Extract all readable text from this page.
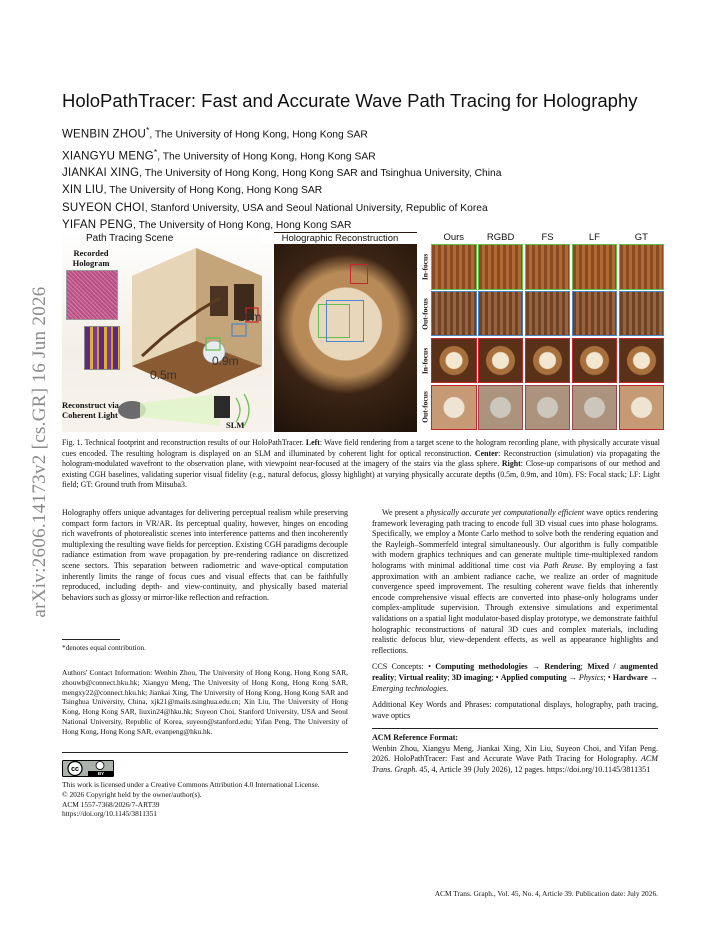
arXiv:2606.14173v2 [cs.GR] 16 Jun 2026
HoloPathTracer: Fast and Accurate Wave Path Tracing for Holography
WENBIN ZHOU*, The University of Hong Kong, Hong Kong SAR
XIANGYU MENG*, The University of Hong Kong, Hong Kong SAR
JIANKAI XING, The University of Hong Kong, Hong Kong SAR and Tsinghua University, China
XIN LIU, The University of Hong Kong, Hong Kong SAR
SUYEON CHOI, Stanford University, USA and Seoul National University, Republic of Korea
YIFAN PENG, The University of Hong Kong, Hong Kong SAR
Path Tracing Scene
Recorded Hologram
10m
0.9m
0.5m
Reconstruct via Coherent Light
SLM
Holographic Reconstruction	Ours	RGBD	FS	LF	GT
In-focus
Out-focus
In-focus
Out-focus
Fig. 1. Technical footprint and reconstruction results of our HoloPathTracer. Left: Wave field rendering from a target scene to the hologram recording plane, with physically accurate visual cues encoded. The resulting hologram is displayed on an SLM and illuminated by coherent light for optical reconstruction. Center: Reconstruction (simulation) via propagating the hologram-modulated wavefront to the observation plane, with viewpoint near-focused at the imagery of the stairs via the glass sphere. Right: Close-up comparisons of our method and existing CGH baselines, validating superior visual fidelity (e.g., natural defocus, glossy highlight) at varying physically accurate depths (0.5m, 0.9m, and 10m). FS: Focal stack; LF: Light field; GT: Ground truth from Mitsuba3.

Holography offers unique advantages for delivering perceptual realism while preserving compact form factors in VR/AR. Its perceptual quality, however, hinges on encoding rich wavefronts of photorealistic scenes into interference patterns and then incoherently multiplexing the resulting wave fields for perception. Existing CGH paradigms decouple radiance estimation from wave propagation by pre-rendering radiance on discretized scene sectors. This separation between radiometric and wave-optical computation inherently limits the range of focus cues and visual effects that can be faithfully reproduced, including depth- and view-continuity, and physically based material behaviors such as glossy or mirror-like reflection and refraction.

*denotes equal contribution.
Authors' Contact Information: Wenbin Zhou, The University of Hong Kong, Hong Kong SAR, zhouwb@connect.hku.hk; Xiangyu Meng, The University of Hong Kong, Hong Kong SAR, mengxy22@connect.hku.hk; Jiankai Xing, The University of Hong Kong, Hong Kong SAR and Tsinghua University, China, xjk21@mails.tsinghua.edu.cn; Xin Liu, The University of Hong Kong, Hong Kong SAR, liuxin24@hku.hk; Suyeon Choi, Stanford University, USA and Seoul National University, Republic of Korea, suyeon@stanford.edu; Yifan Peng, The University of Hong Kong, Hong Kong SAR, evanpeng@hku.hk.
cc
BY
This work is licensed under a Creative Commons Attribution 4.0 International License.
© 2026 Copyright held by the owner/author(s).
ACM 1557-7368/2026/7-ART39
https://doi.org/10.1145/3811351

We present a physically accurate yet computationally efficient wave optics rendering framework leveraging path tracing to encode full 3D visual cues into phase holograms. Specifically, we employ a Monte Carlo method to solve both the rendering equation and the Rayleigh–Sommerfeld integral simultaneously. Our algorithm is fully compatible with modern graphics techniques and can generate multiple time-multiplexed random holograms with minimal additional time cost via Path Reuse. By employing a fast approximation with an ambient radiance cache, we realize an order of magnitude convergence speed improvement. The resulting coherent wave fields that inherently encode comprehensive visual effects are converted into phase-only holograms under complex-amplitude supervision. Through extensive simulations and experimental validations on a spatial light modulator-based display prototype, we demonstrate faithful holographic reconstructions of natural 3D cues and complex materials, including realistic defocus blur, view-dependent effects, as well as appearance highlights and reflections.

CCS Concepts: • Computing methodologies → Rendering; Mixed / augmented reality; Virtual reality; 3D imaging; • Applied computing → Physics; • Hardware → Emerging technologies.

Additional Key Words and Phrases: computational displays, holography, path tracing, wave optics

ACM Reference Format:

Wenbin Zhou, Xiangyu Meng, Jiankai Xing, Xin Liu, Suyeon Choi, and Yifan Peng. 2026. HoloPathTracer: Fast and Accurate Wave Path Tracing for Holography. ACM Trans. Graph. 45, 4, Article 39 (July 2026), 12 pages. https://doi.org/10.1145/3811351

ACM Trans. Graph., Vol. 45, No. 4, Article 39. Publication date: July 2026.
